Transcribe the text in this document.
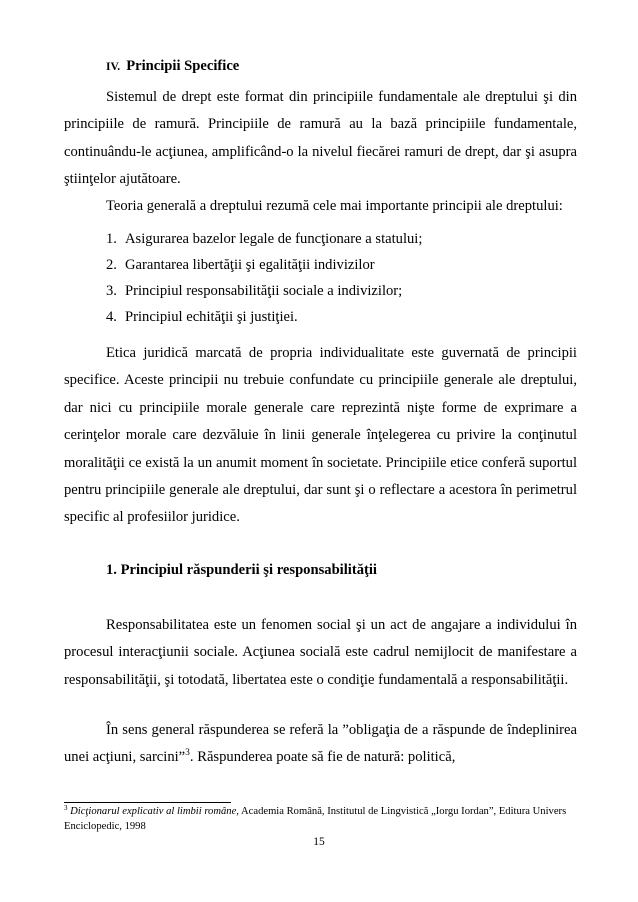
IV. Principii Specifice

Sistemul de drept este format din principiile fundamentale ale dreptului şi din principiile de ramură. Principiile de ramură au la bază principiile fundamentale, continuându-le acţiunea, amplificând-o la nivelul fiecărei ramuri de drept, dar şi asupra ştiinţelor ajutătoare.

Teoria generală a dreptului rezumă cele mai importante principii ale dreptului:

1. Asigurarea bazelor legale de funcţionare a statului;
2. Garantarea libertăţii şi egalităţii indivizilor
3. Principiul responsabilităţii sociale a indivizilor;
4. Principiul echităţii şi justiţiei.

Etica juridică marcată de propria individualitate este guvernată de principii specifice. Aceste principii nu trebuie confundate cu principiile generale ale dreptului, dar nici cu principiile morale generale care reprezintă nişte forme de exprimare a cerinţelor morale care dezvăluie în linii generale înţelegerea cu privire la conţinutul moralităţii ce există la un anumit moment în societate. Principiile etice conferă suportul pentru principiile generale ale dreptului, dar sunt şi o reflectare a acestora în perimetrul specific al profesiilor juridice.

1. Principiul răspunderii şi responsabilităţii

Responsabilitatea este un fenomen social şi un act de angajare a individului în procesul interacţiunii sociale. Acţiunea socială este cadrul nemijlocit de manifestare a responsabilităţii, şi totodată, libertatea este o condiţie fundamentală a responsabilităţii.

În sens general răspunderea se referă la ”obligaţia de a răspunde de îndeplinirea unei acţiuni, sarcini”$^3$. Răspunderea poate să fie de natură: politică,

$^3$ Dicţionarul explicativ al limbii române, Academia Română, Institutul de Lingvistică „Iorgu Iordan”, Editura Univers Enciclopedic, 1998

15
